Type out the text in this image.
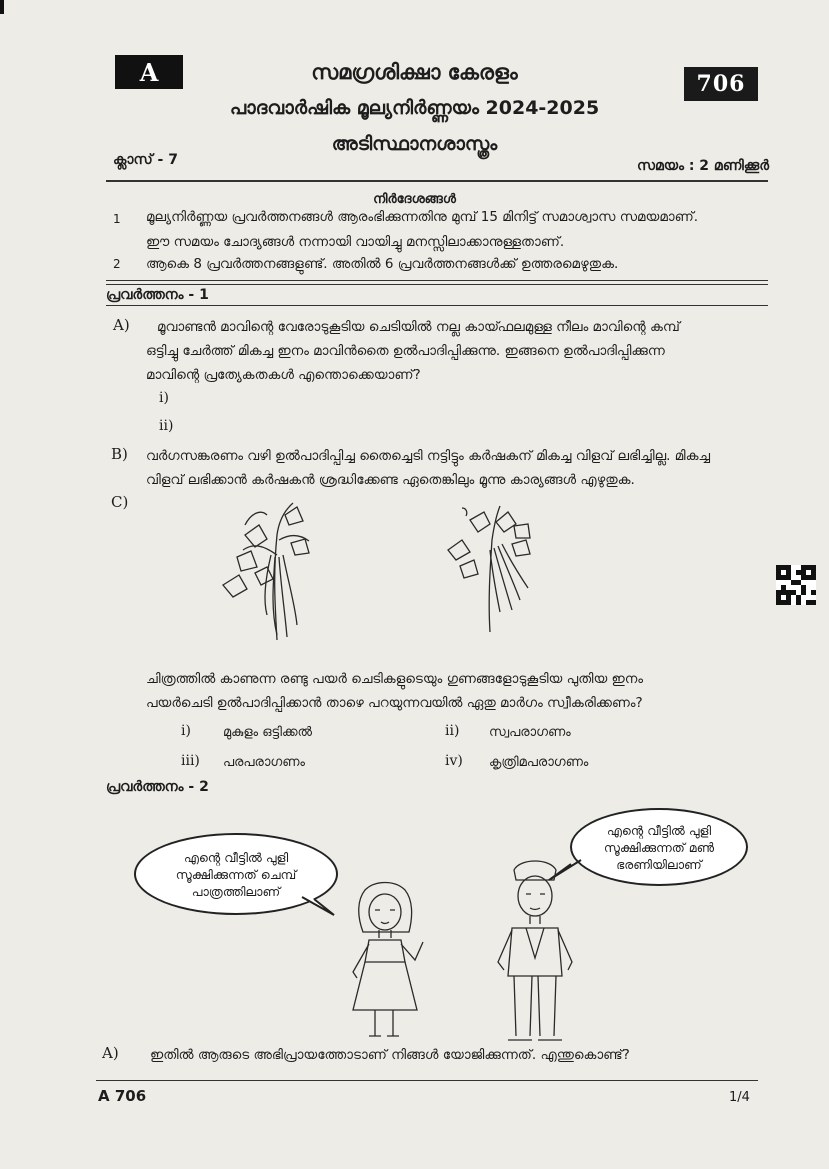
A	706
സമഗ്രശിക്ഷാ കേരളം
പാദവാർഷിക മൂല്യനിർണ്ണയം 2024-2025
അടിസ്ഥാനശാസ്ത്രം
ക്ലാസ് - 7	സമയം : 2 മണിക്കൂർ
നിർദേശങ്ങൾ
1 മൂല്യനിർണ്ണയ പ്രവർത്തനങ്ങൾ ആരംഭിക്കുന്നതിനു മുമ്പ് 15 മിനിട്ട് സമാശ്വാസ സമയമാണ്.
ഈ സമയം ചോദ്യങ്ങൾ നന്നായി വായിച്ചു മനസ്സിലാക്കാനുള്ളതാണ്.
2 ആകെ 8 പ്രവർത്തനങ്ങളുണ്ട്. അതിൽ 6 പ്രവർത്തനങ്ങൾക്ക് ഉത്തരമെഴുതുക.
പ്രവർത്തനം - 1
A) മൂവാണ്ടൻ മാവിന്റെ വേരോടുകൂടിയ ചെടിയിൽ നല്ല കായ്ഫലമുള്ള നീലം മാവിന്റെ കമ്പ്
ഒട്ടിച്ചു ചേർത്ത് മികച്ച ഇനം മാവിൻതൈ ഉൽപാദിപ്പിക്കുന്നു. ഇങ്ങനെ ഉൽപാദിപ്പിക്കുന്ന
മാവിന്റെ പ്രത്യേകതകൾ എന്തൊക്കെയാണ്?
i)
ii)
B) വർഗസങ്കരണം വഴി ഉൽപാദിപ്പിച്ച തൈച്ചെടി നട്ടിട്ടും കർഷകന് മികച്ച വിളവ് ലഭിച്ചില്ല. മികച്ച
വിളവ് ലഭിക്കാൻ കർഷകൻ ശ്രദ്ധിക്കേണ്ട ഏതെങ്കിലും മൂന്നു കാര്യങ്ങൾ എഴുതുക.
C)
ചിത്രത്തിൽ കാണുന്ന രണ്ടു പയർ ചെടികളുടെയും ഗുണങ്ങളോടുകൂടിയ പുതിയ ഇനം
പയർചെടി ഉൽപാദിപ്പിക്കാൻ താഴെ പറയുന്നവയിൽ ഏതു മാർഗം സ്വീകരിക്കണം?
i) മുകുളം ഒട്ടിക്കൽ	ii) സ്വപരാഗണം
iii) പരപരാഗണം	iv) കൃത്രിമപരാഗണം
പ്രവർത്തനം - 2
എന്റെ വീട്ടിൽ പുളി
സൂക്ഷിക്കുന്നത് ചെമ്പ്
പാത്രത്തിലാണ്
എന്റെ വീട്ടിൽ പുളി
സൂക്ഷിക്കുന്നത് മൺ
ഭരണിയിലാണ്
A) ഇതിൽ ആരുടെ അഭിപ്രായത്തോടാണ് നിങ്ങൾ യോജിക്കുന്നത്. എന്തുകൊണ്ട്?
A 706	1/4
